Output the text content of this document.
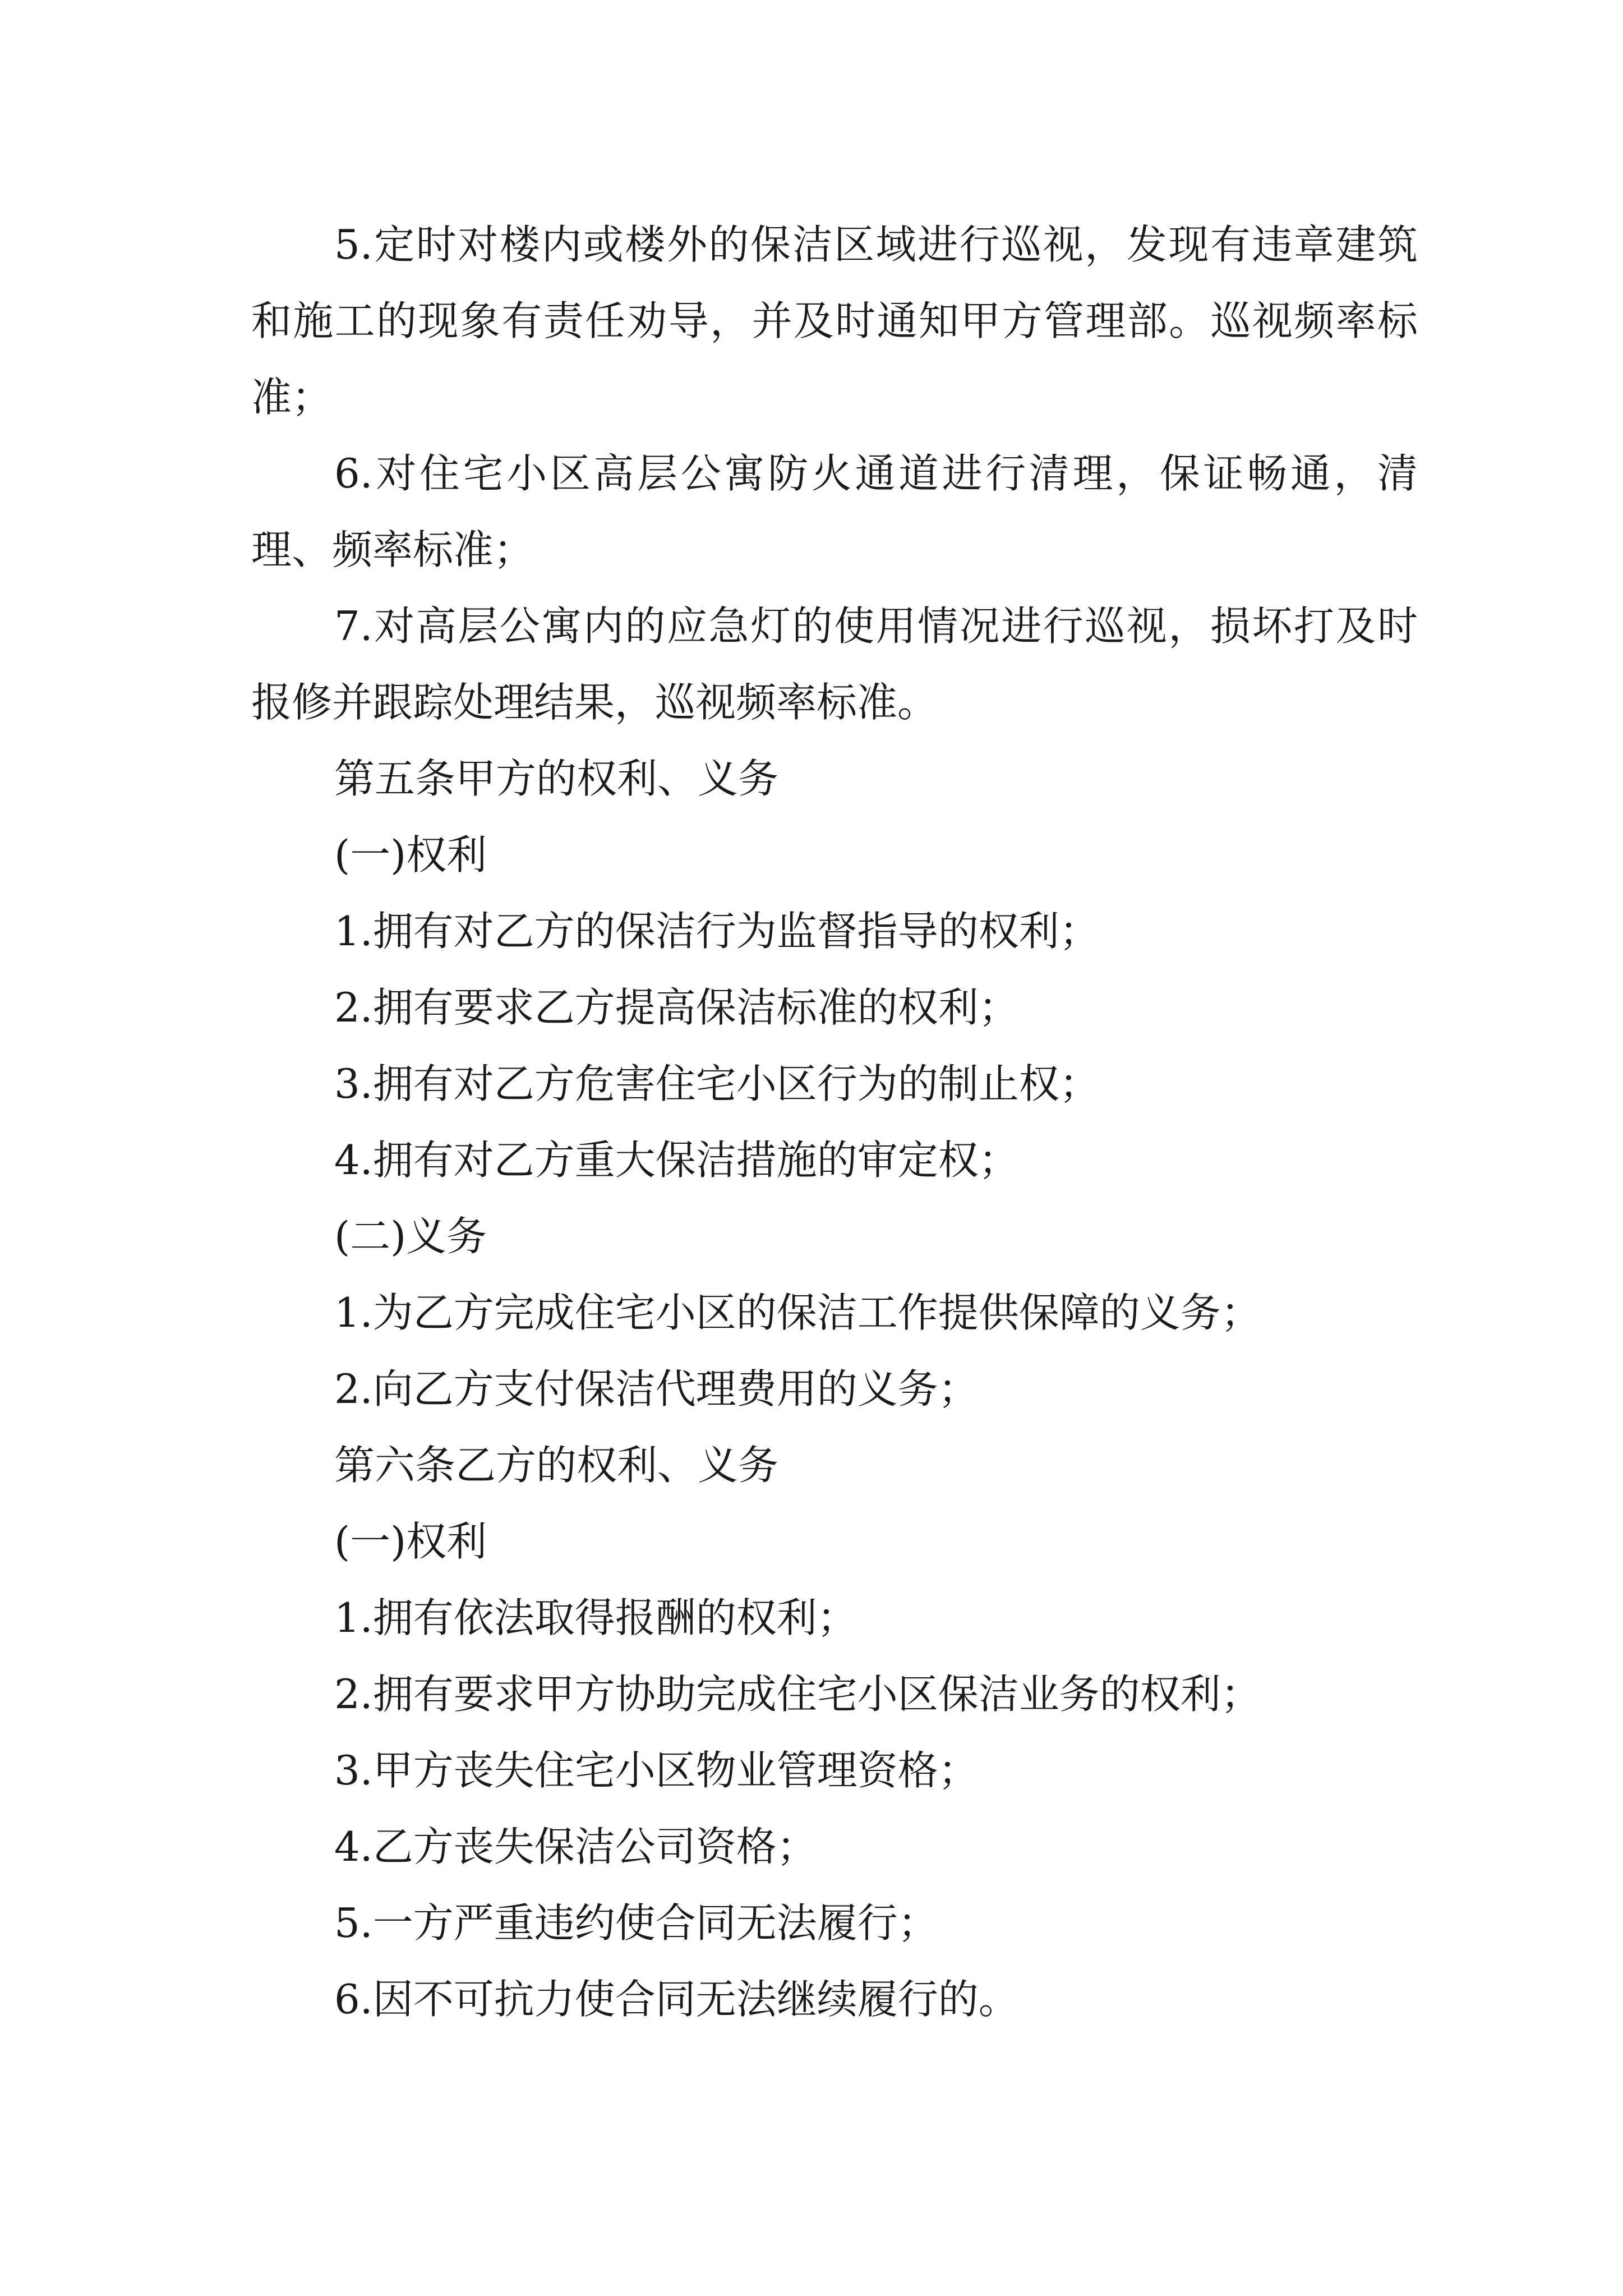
5.定时对楼内或楼外的保洁区域进行巡视，发现有违章建筑和施工的现象有责任劝导，并及时通知甲方管理部。巡视频率标准；

6.对住宅小区高层公寓防火通道进行清理，保证畅通，清理、频率标准；

7.对高层公寓内的应急灯的使用情况进行巡视，损坏打及时报修并跟踪处理结果，巡视频率标准。

第五条甲方的权利、义务

(一)权利

1.拥有对乙方的保洁行为监督指导的权利；

2.拥有要求乙方提高保洁标准的权利；

3.拥有对乙方危害住宅小区行为的制止权；

4.拥有对乙方重大保洁措施的审定权；

(二)义务

1.为乙方完成住宅小区的保洁工作提供保障的义务；

2.向乙方支付保洁代理费用的义务；

第六条乙方的权利、义务

(一)权利

1.拥有依法取得报酬的权利；

2.拥有要求甲方协助完成住宅小区保洁业务的权利；

3.甲方丧失住宅小区物业管理资格；

4.乙方丧失保洁公司资格；

5.一方严重违约使合同无法履行；

6.因不可抗力使合同无法继续履行的。
